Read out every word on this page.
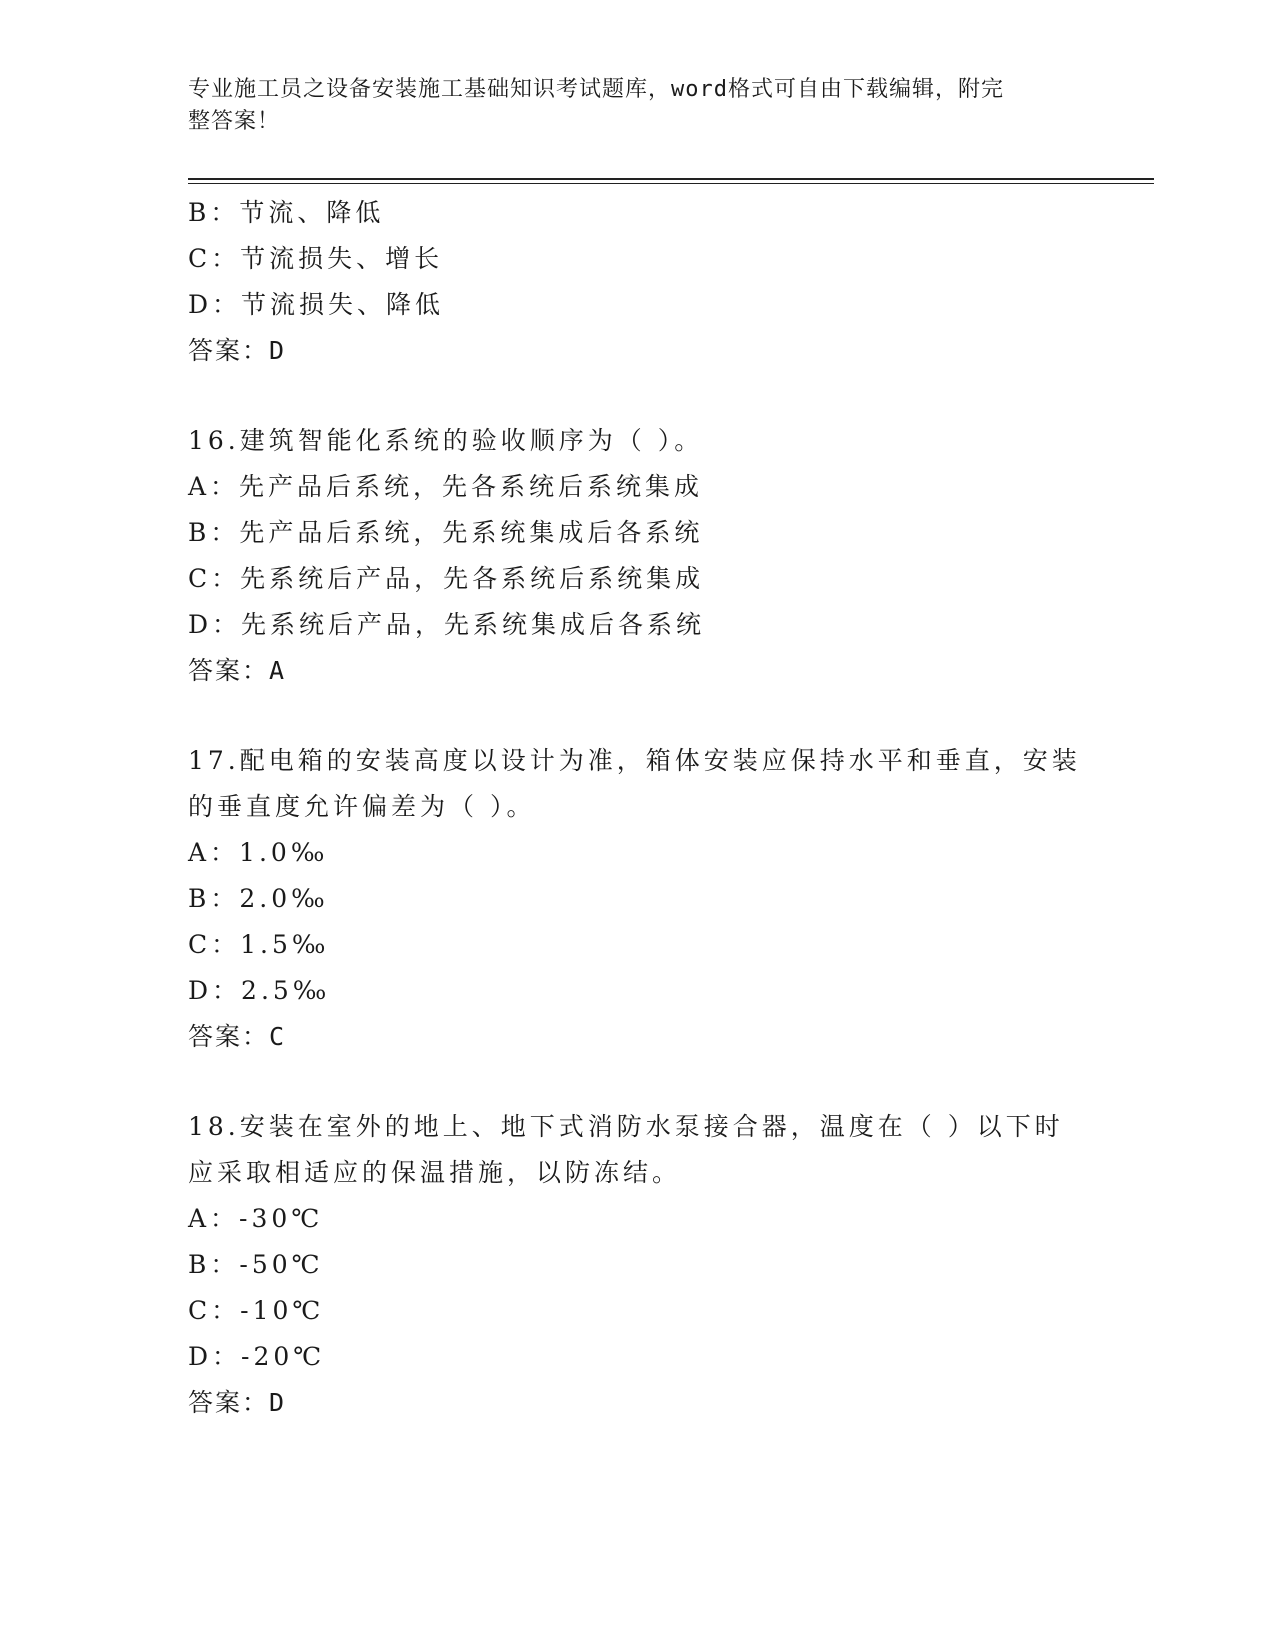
专业施工员之设备安装施工基础知识考试题库，word格式可自由下载编辑，附完
整答案！
B：节流、降低
C：节流损失、增长
D：节流损失、降低
答案：D
16.建筑智能化系统的验收顺序为（ ）。
A：先产品后系统，先各系统后系统集成
B：先产品后系统，先系统集成后各系统
C：先系统后产品，先各系统后系统集成
D：先系统后产品，先系统集成后各系统
答案：A
17.配电箱的安装高度以设计为准，箱体安装应保持水平和垂直，安装
的垂直度允许偏差为（ ）。
A：1.0‰
B：2.0‰
C：1.5‰
D：2.5‰
答案：C
18.安装在室外的地上、地下式消防水泵接合器，温度在（ ）以下时
应采取相适应的保温措施，以防冻结。
A：-30℃
B：-50℃
C：-10℃
D：-20℃
答案：D
